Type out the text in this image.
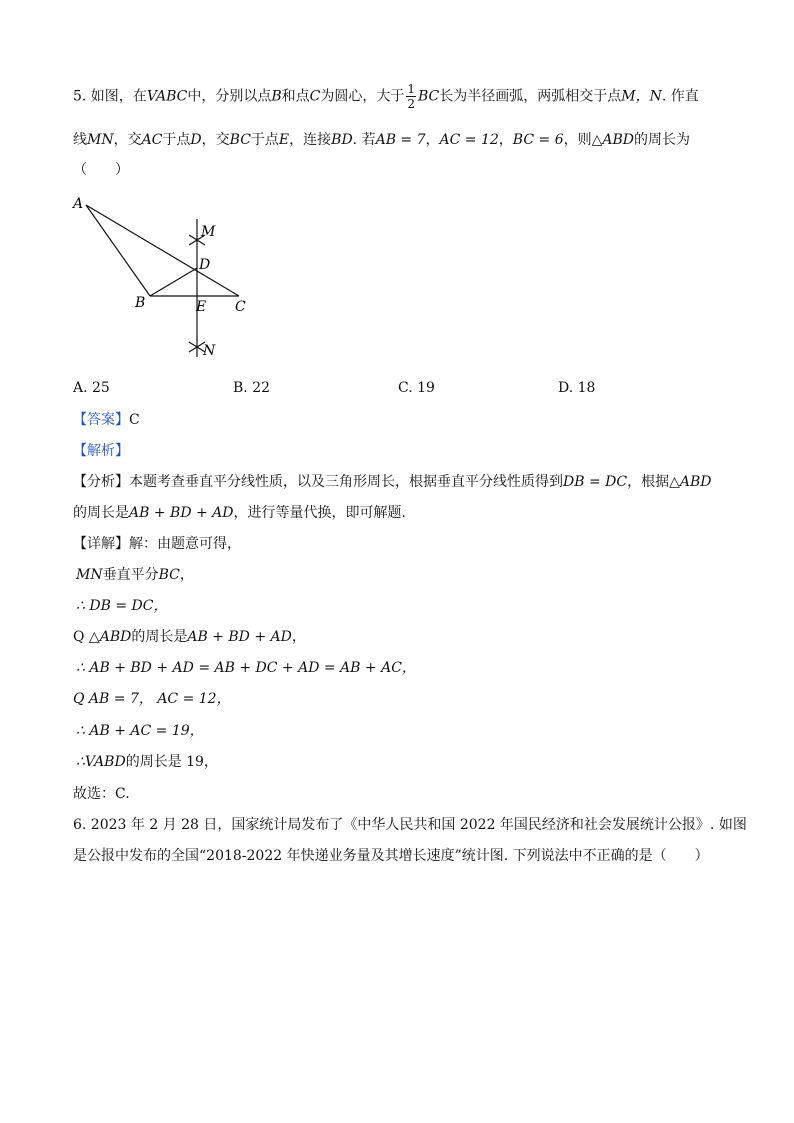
5. 如图，在VABC中，分别以点B和点C为圆心，大于 $\frac{1}{2}$ BC长为半径画弧，两弧相交于点M，N. 作直
线MN，交AC于点D，交BC于点E，连接BD. 若AB = 7，AC = 12，BC = 6，则△ABD的周长为
（　　）
A
B	C
D
E
M
N
A. 25	B. 22	C. 19	D. 18
【答案】C
【解析】
【分析】本题考查垂直平分线性质，以及三角形周长，根据垂直平分线性质得到DB = DC，根据△ABD
的周长是AB + BD + AD，进行等量代换，即可解题.
【详解】解：由题意可得，
MN垂直平分BC，
∴ DB = DC，
Q △ABD的周长是AB + BD + AD，
∴ AB + BD + AD = AB + DC + AD = AB + AC，
Q AB = 7， AC = 12，
∴ AB + AC = 19，
∴VABD的周长是 19，
故选：C.
6. 2023 年 2 月 28 日，国家统计局发布了《中华人民共和国 2022 年国民经济和社会发展统计公报》. 如图
是公报中发布的全国“2018-2022 年快递业务量及其增长速度”统计图. 下列说法中不正确的是（　　）
